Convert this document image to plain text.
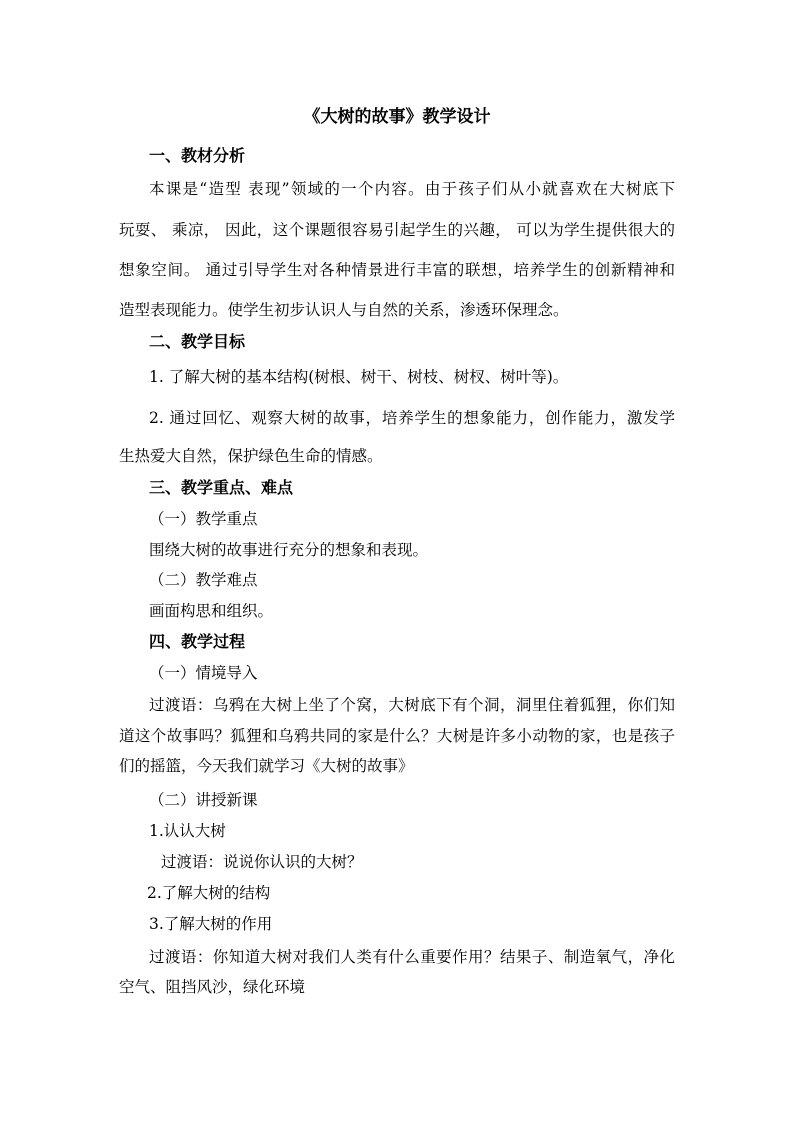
《大树的故事》教学设计
一、教材分析
本课是“造型 表现”领域的一个内容。由于孩子们从小就喜欢在大树底下
玩耍、 乘凉， 因此，这个课题很容易引起学生的兴趣， 可以为学生提供很大的
想象空间。 通过引导学生对各种情景进行丰富的联想，培养学生的创新精神和
造型表现能力。使学生初步认识人与自然的关系，渗透环保理念。
二、教学目标
1. 了解大树的基本结构(树根、树干、树枝、树杈、树叶等)。
2. 通过回忆、观察大树的故事，培养学生的想象能力，创作能力，激发学
生热爱大自然，保护绿色生命的情感。
三、教学重点、难点
（一）教学重点
围绕大树的故事进行充分的想象和表现。
（二）教学难点
画面构思和组织。
四、教学过程
（一）情境导入
过渡语：乌鸦在大树上坐了个窝，大树底下有个洞，洞里住着狐狸，你们知
道这个故事吗？狐狸和乌鸦共同的家是什么？大树是许多小动物的家，也是孩子
们的摇篮，今天我们就学习《大树的故事》
（二）讲授新课
1.认认大树
过渡语：说说你认识的大树？
2.了解大树的结构
3.了解大树的作用
过渡语：你知道大树对我们人类有什么重要作用？结果子、制造氧气，净化
空气、阻挡风沙，绿化环境
